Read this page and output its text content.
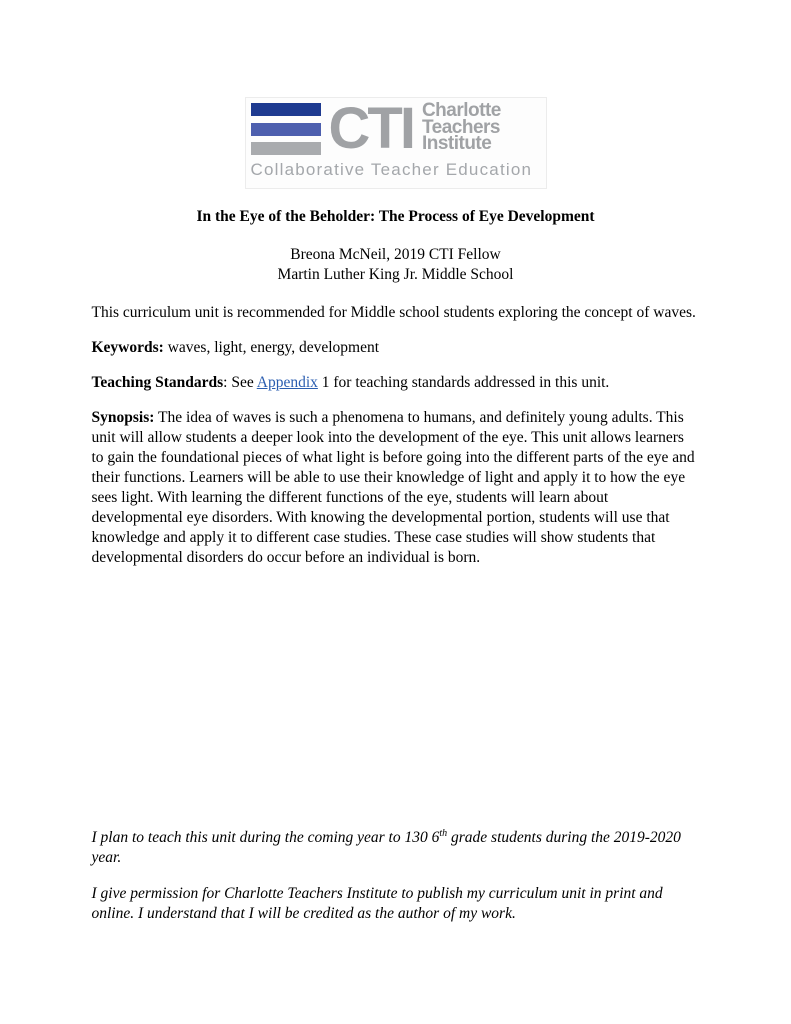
CTI Charlotte
Teachers
Institute
Collaborative Teacher Education
In the Eye of the Beholder: The Process of Eye Development
Breona McNeil, 2019 CTI Fellow
Martin Luther King Jr. Middle School

This curriculum unit is recommended for Middle school students exploring the concept of waves.

Keywords: waves, light, energy, development

Teaching Standards: See Appendix 1 for teaching standards addressed in this unit.

Synopsis: The idea of waves is such a phenomena to humans, and definitely young adults. This unit will allow students a deeper look into the development of the eye. This unit allows learners to gain the foundational pieces of what light is before going into the different parts of the eye and their functions. Learners will be able to use their knowledge of light and apply it to how the eye sees light. With learning the different functions of the eye, students will learn about developmental eye disorders. With knowing the developmental portion, students will use that knowledge and apply it to different case studies. These case studies will show students that developmental disorders do occur before an individual is born.

I plan to teach this unit during the coming year to 130 6th grade students during the 2019-2020 year.

I give permission for Charlotte Teachers Institute to publish my curriculum unit in print and online. I understand that I will be credited as the author of my work.
